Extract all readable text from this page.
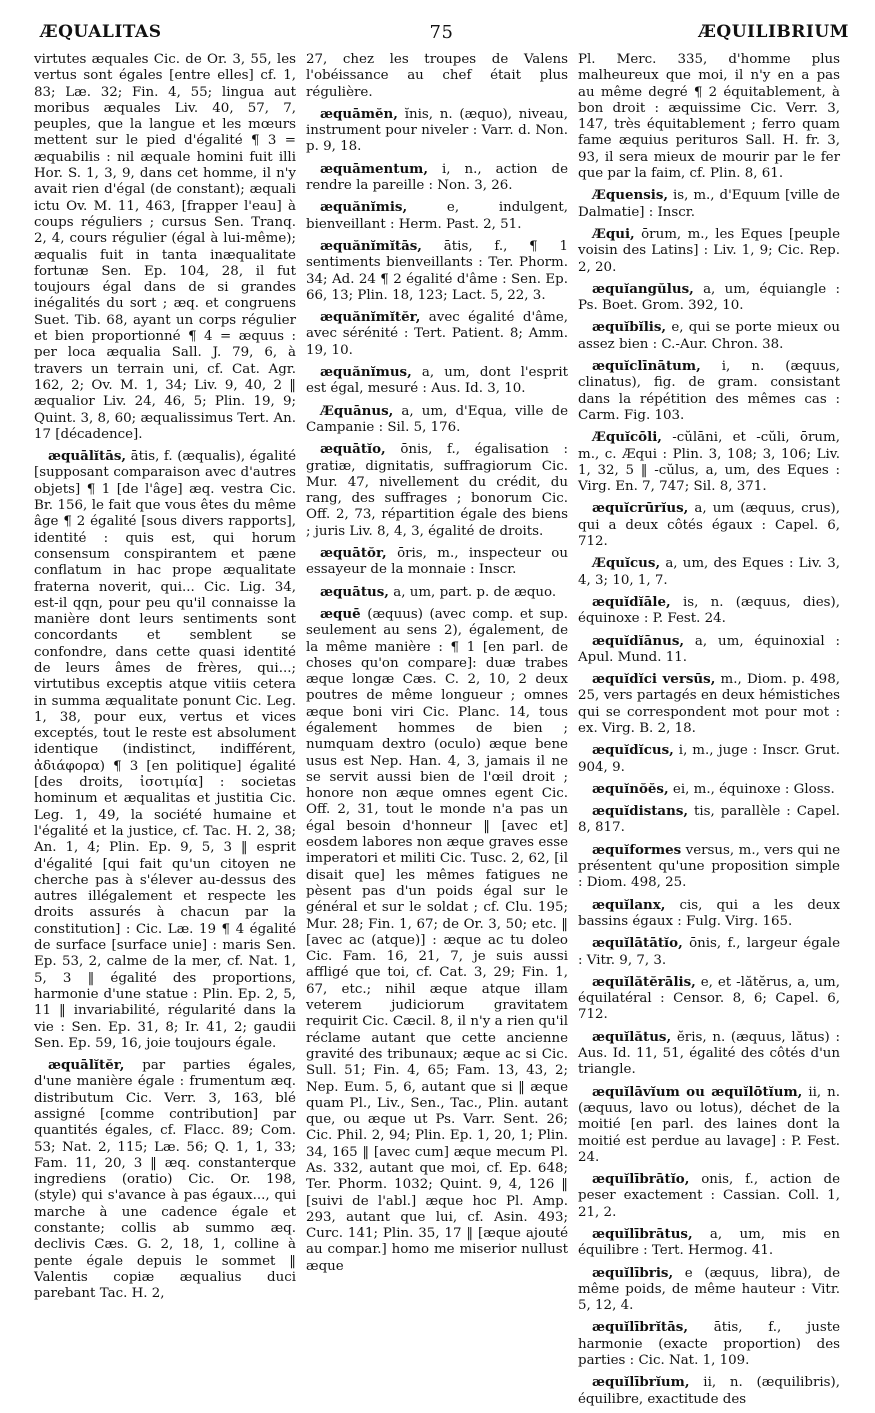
ÆQUALITAS	75	ÆQUILIBRIUM

virtutes æquales Cic. de Or. 3, 55, les vertus sont égales [entre elles] cf. 1, 83; Læ. 32; Fin. 4, 55; lingua aut moribus æquales Liv. 40, 57, 7, peuples, que la langue et les mœurs mettent sur le pied d'égalité ¶ 3 = æquabilis : nil æquale homini fuit illi Hor. S. 1, 3, 9, dans cet homme, il n'y avait rien d'égal (de constant); æquali ictu Ov. M. 11, 463, [frapper l'eau] à coups réguliers ; cursus Sen. Tranq. 2, 4, cours régulier (égal à lui-même); æqualis fuit in tanta inæqualitate fortunæ Sen. Ep. 104, 28, il fut toujours égal dans de si grandes inégalités du sort ; æq. et congruens Suet. Tib. 68, ayant un corps régulier et bien proportionné ¶ 4 = æquus : per loca æqualia Sall. J. 79, 6, à travers un terrain uni, cf. Cat. Agr. 162, 2; Ov. M. 1, 34; Liv. 9, 40, 2 ‖ æqualior Liv. 24, 46, 5; Plin. 19, 9; Quint. 3, 8, 60; æqualissimus Tert. An. 17 [décadence].

æquālĭtās, ātis, f. (æqualis), égalité [supposant comparaison avec d'autres objets] ¶ 1 [de l'âge] æq. vestra Cic. Br. 156, le fait que vous êtes du même âge ¶ 2 égalité [sous divers rapports], identité : quis est, qui horum consensum conspirantem et pæne conflatum in hac prope æqualitate fraterna noverit, qui... Cic. Lig. 34, est-il qqn, pour peu qu'il connaisse la manière dont leurs sentiments sont concordants et semblent se confondre, dans cette quasi identité de leurs âmes de frères, qui...; virtutibus exceptis atque vitiis cetera in summa æqualitate ponunt Cic. Leg. 1, 38, pour eux, vertus et vices exceptés, tout le reste est absolument identique (indistinct, indifférent, ἀδιάφορα) ¶ 3 [en politique] égalité [des droits, ἰσοτιμία] : societas hominum et æqualitas et justitia Cic. Leg. 1, 49, la société humaine et l'égalité et la justice, cf. Tac. H. 2, 38; An. 1, 4; Plin. Ep. 9, 5, 3 ‖ esprit d'égalité [qui fait qu'un citoyen ne cherche pas à s'élever au-dessus des autres illégalement et respecte les droits assurés à chacun par la constitution] : Cic. Læ. 19 ¶ 4 égalité de surface [surface unie] : maris Sen. Ep. 53, 2, calme de la mer, cf. Nat. 1, 5, 3 ‖ égalité des proportions, harmonie d'une statue : Plin. Ep. 2, 5, 11 ‖ invariabilité, régularité dans la vie : Sen. Ep. 31, 8; Ir. 41, 2; gaudii Sen. Ep. 59, 16, joie toujours égale.

æquālĭtĕr, par parties égales, d'une manière égale : frumentum æq. distributum Cic. Verr. 3, 163, blé assigné [comme contribution] par quantités égales, cf. Flacc. 89; Com. 53; Nat. 2, 115; Læ. 56; Q. 1, 1, 33; Fam. 11, 20, 3 ‖ æq. constanterque ingrediens (oratio) Cic. Or. 198, (style) qui s'avance à pas égaux..., qui marche à une cadence égale et constante; collis ab summo æq. declivis Cæs. G. 2, 18, 1, colline à pente égale depuis le sommet ‖ Valentis copiæ æqualius duci parebant Tac. H. 2,

27, chez les troupes de Valens l'obéissance au chef était plus régulière.

æquāmĕn, ĭnis, n. (æquo), niveau, instrument pour niveler : Varr. d. Non. p. 9, 18.

æquāmentum, i, n., action de rendre la pareille : Non. 3, 26.

æquănĭmis,	e, indulgent, bienveillant : Herm. Past. 2, 51.

æquănĭmĭtās, ātis, f., ¶ 1 sentiments bienveillants : Ter. Phorm. 34; Ad. 24 ¶ 2 égalité d'âme : Sen. Ep. 66, 13; Plin. 18, 123; Lact. 5, 22, 3.

æquănĭmĭtĕr, avec égalité d'âme, avec sérénité : Tert. Patient. 8; Amm. 19, 10.

æquănĭmus, a, um, dont l'esprit est égal, mesuré : Aus. Id. 3, 10.

Æquānus, a, um, d'Equa, ville de Campanie : Sil. 5, 176.

æquātĭo, ōnis, f., égalisation : gratiæ, dignitatis, suffragiorum Cic. Mur. 47, nivellement du crédit, du rang, des suffrages ; bonorum Cic. Off. 2, 73, répartition égale des biens ; juris Liv. 8, 4, 3, égalité de droits.

æquātŏr, ōris, m., inspecteur ou essayeur de la monnaie : Inscr.

æquātus, a, um, part. p. de æquo.

æquē (æquus) (avec comp. et sup. seulement au sens 2), également, de la même manière : ¶ 1 [en parl. de choses qu'on compare]: duæ trabes æque longæ Cæs. C. 2, 10, 2 deux poutres de même longueur ; omnes æque boni viri Cic. Planc. 14, tous également hommes de bien ; numquam dextro (oculo) æque bene usus est Nep. Han. 4, 3, jamais il ne se servit aussi bien de l'œil droit ; honore non æque omnes egent Cic. Off. 2, 31, tout le monde n'a pas un égal besoin d'honneur ‖ [avec et] eosdem labores non æque graves esse imperatori et militi Cic. Tusc. 2, 62, [il disait que] les mêmes fatigues ne pèsent pas d'un poids égal sur le général et sur le soldat ; cf. Clu. 195; Mur. 28; Fin. 1, 67; de Or. 3, 50; etc. ‖ [avec ac (atque)] : æque ac tu doleo Cic. Fam. 16, 21, 7, je suis aussi affligé que toi, cf. Cat. 3, 29; Fin. 1, 67, etc.; nihil æque atque illam veterem judiciorum gravitatem requirit Cic. Cæcil. 8, il n'y a rien qu'il réclame autant que cette ancienne gravité des tribunaux; æque ac si Cic. Sull. 51; Fin. 4, 65; Fam. 13, 43, 2; Nep. Eum. 5, 6, autant que si ‖ æque quam Pl., Liv., Sen., Tac., Plin. autant que, ou æque ut Ps. Varr. Sent. 26; Cic. Phil. 2, 94; Plin. Ep. 1, 20, 1; Plin. 34, 165 ‖ [avec cum] æque mecum Pl. As. 332, autant que moi, cf. Ep. 648; Ter. Phorm. 1032; Quint. 9, 4, 126 ‖ [suivi de l'abl.] æque hoc Pl. Amp. 293, autant que lui, cf. Asin. 493; Curc. 141; Plin. 35, 17 ‖ [æque ajouté au compar.] homo me miserior nullust æque

Pl. Merc. 335, d'homme plus malheureux que moi, il n'y en a pas au même degré ¶ 2 équitablement, à bon droit : æquissime Cic. Verr. 3, 147, très équitablement ; ferro quam fame æquius perituros Sall. H. fr. 3, 93, il sera mieux de mourir par le fer que par la faim, cf. Plin. 8, 61.

Æquensis, is, m., d'Equum [ville de Dalmatie] : Inscr.

Æqui, ōrum, m., les Eques [peuple voisin des Latins] : Liv. 1, 9; Cic. Rep. 2, 20.

æquĭangŭlus, a, um, équiangle : Ps. Boet. Grom. 392, 10.

æquĭbĭlis, e, qui se porte mieux ou assez bien : C.-Aur. Chron. 38.

æquĭclīnātum, i, n. (æquus, clinatus), fig. de gram. consistant dans la répétition des mêmes cas : Carm. Fig. 103.

Æquĭcōli, -cŭlāni, et -cŭli, ōrum, m., c. Æqui : Plin. 3, 108; 3, 106; Liv. 1, 32, 5 ‖ -cŭlus, a, um, des Eques : Virg. En. 7, 747; Sil. 8, 371.

æquĭcrūrĭus, a, um (æquus, crus), qui a deux côtés égaux : Capel. 6, 712.

Æquĭcus, a, um, des Eques : Liv. 3, 4, 3; 10, 1, 7.

æquĭdĭāle, is, n. (æquus, dies), équinoxe : P. Fest. 24.

æquĭdĭānus, a, um, équinoxial : Apul. Mund. 11.

æquĭdĭci versūs, m., Diom. p. 498, 25, vers partagés en deux hémistiches qui se correspondent mot pour mot : ex. Virg. B. 2, 18.

æquĭdĭcus, i, m., juge : Inscr. Grut. 904, 9.

æquĭnŏĕs, ei, m., équinoxe : Gloss.

æquĭdistans, tis, parallèle : Capel. 8, 817.

æquĭformes versus, m., vers qui ne présentent qu'une proposition simple : Diom. 498, 25.

æquĭlanx, cis, qui a les deux bassins égaux : Fulg. Virg. 165.

æquĭlātātĭo, ōnis, f., largeur égale : Vitr. 9, 7, 3.

æquĭlătĕrālis, e, et -lătĕrus, a, um, équilatéral : Censor. 8, 6; Capel. 6, 712.

æquĭlătus, ĕris, n. (æquus, lătus) : Aus. Id. 11, 51, égalité des côtés d'un triangle.

æquĭlāvĭum ou æquĭlōtĭum, ii, n. (æquus, lavo ou lotus), déchet de la moitié [en parl. des laines dont la moitié est perdue au lavage] : P. Fest. 24.

æquĭlībrātĭo, onis, f., action de peser exactement : Cassian. Coll. 1, 21, 2.

æquĭlībrātus, a, um, mis en équilibre : Tert. Hermog. 41.

æquĭlībris, e (æquus, libra), de même poids, de même hauteur : Vitr. 5, 12, 4.

æquĭlībrĭtās, ātis, f., juste harmonie (exacte proportion) des parties : Cic. Nat. 1, 109.

æquĭlībrĭum, ii, n. (æquilibris), équilibre, exactitude des
